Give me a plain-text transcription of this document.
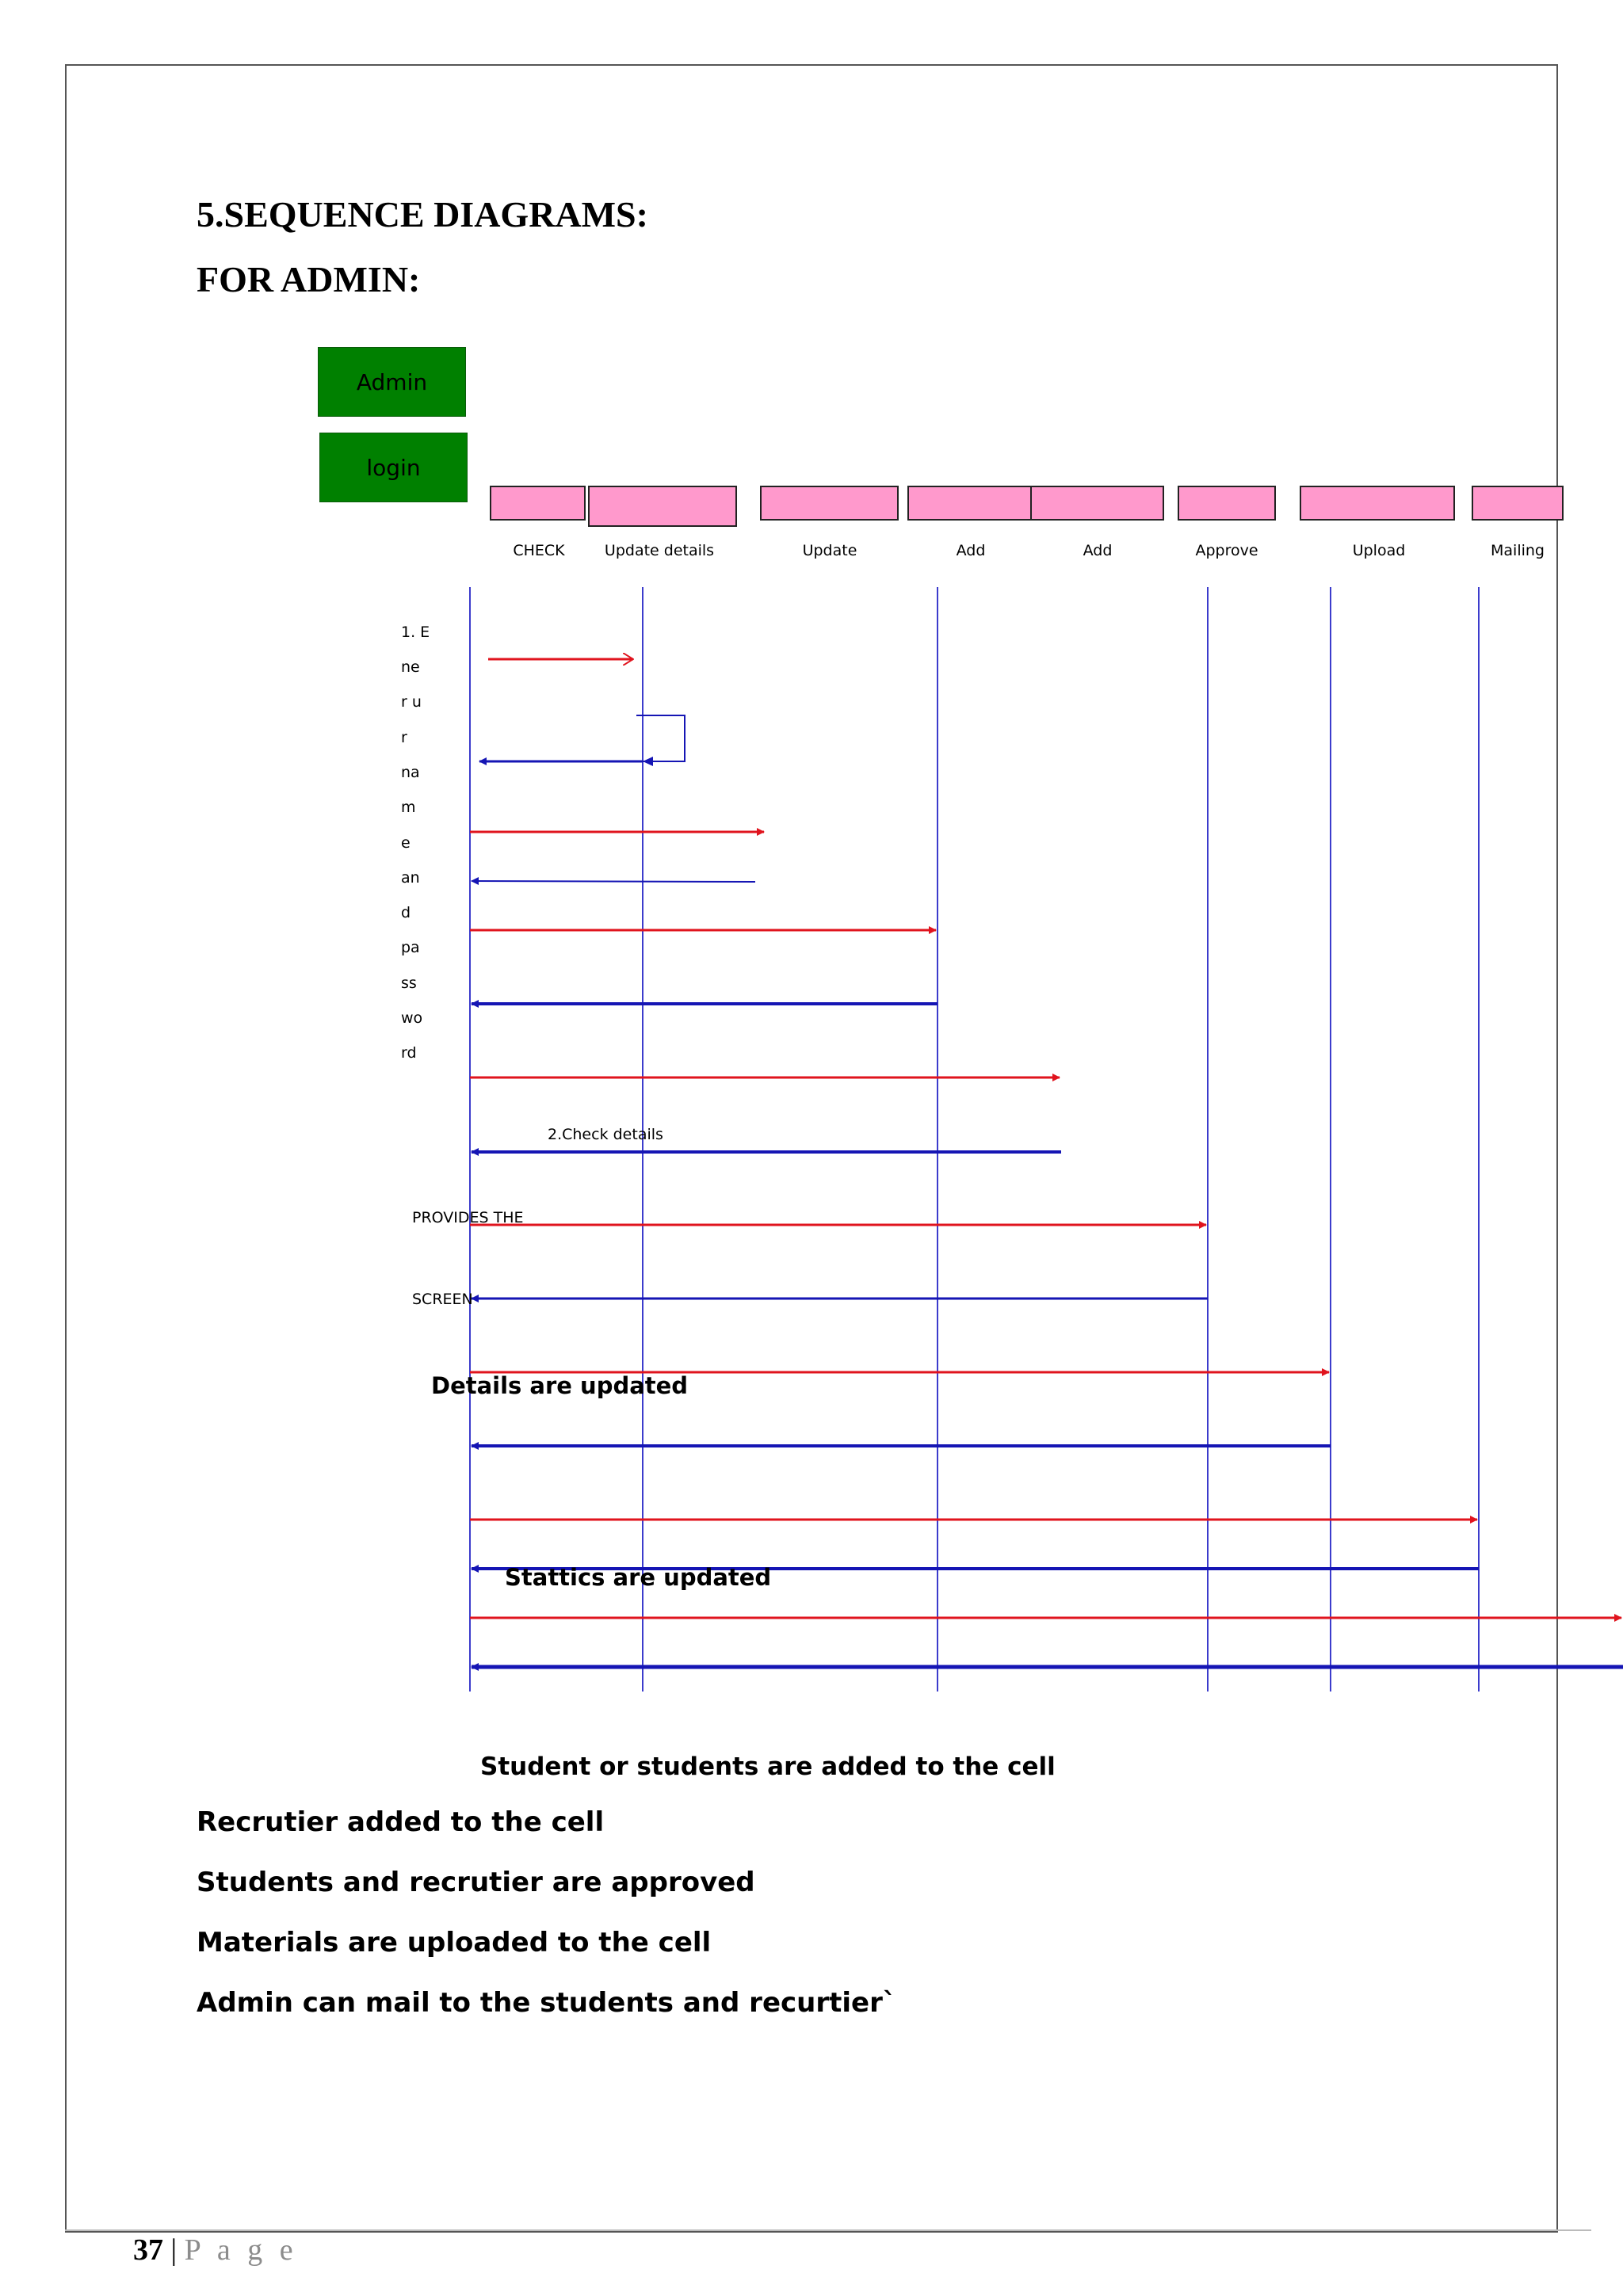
5.SEQUENCE DIAGRAMS:
FOR ADMIN:
Admin
login
CHECK	Update details	Update	Add	Add	Approve	Upload	Mailing
1. E
ne
r u
r
na
m
e
an
d
pa
ss
wo
rd
2.Check details
PROVIDES THE
SCREEN
Details are updated
Stattics are updated
Student or students are added to the cell
Recrutier added to the cell
Students and recrutier are approved
Materials are uploaded to the cell
Admin can mail to the students and recurtier`
37 | P a g e
